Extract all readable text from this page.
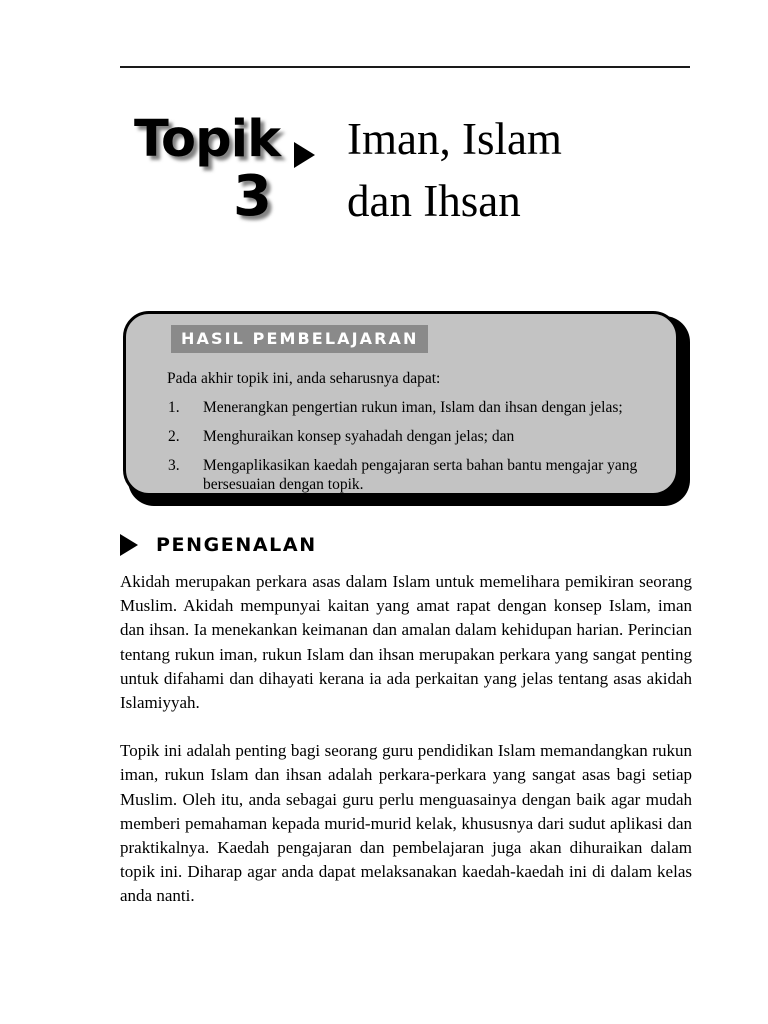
Topik
3
Iman, Islam
dan Ihsan
HASIL PEMBELAJARAN

Pada akhir topik ini, anda seharusnya dapat:

1.	Menerangkan pengertian rukun iman, Islam dan ihsan dengan jelas;
2.	Menghuraikan konsep syahadah dengan jelas; dan
3.	Mengaplikasikan kaedah pengajaran serta bahan bantu mengajar yang bersesuaian dengan topik.
PENGENALAN

Akidah merupakan perkara asas dalam Islam untuk memelihara pemikiran seorang Muslim. Akidah mempunyai kaitan yang amat rapat dengan konsep Islam, iman dan ihsan. Ia menekankan keimanan dan amalan dalam kehidupan harian. Perincian tentang rukun iman, rukun Islam dan ihsan merupakan perkara yang sangat penting untuk difahami dan dihayati kerana ia ada perkaitan yang jelas tentang asas akidah Islamiyyah.

Topik ini adalah penting bagi seorang guru pendidikan Islam memandangkan rukun iman, rukun Islam dan ihsan adalah perkara-perkara yang sangat asas bagi setiap Muslim. Oleh itu, anda sebagai guru perlu menguasainya dengan baik agar mudah memberi pemahaman kepada murid-murid kelak, khususnya dari sudut aplikasi dan praktikalnya. Kaedah pengajaran dan pembelajaran juga akan dihuraikan dalam topik ini. Diharap agar anda dapat melaksanakan kaedah-kaedah ini di dalam kelas anda nanti.
